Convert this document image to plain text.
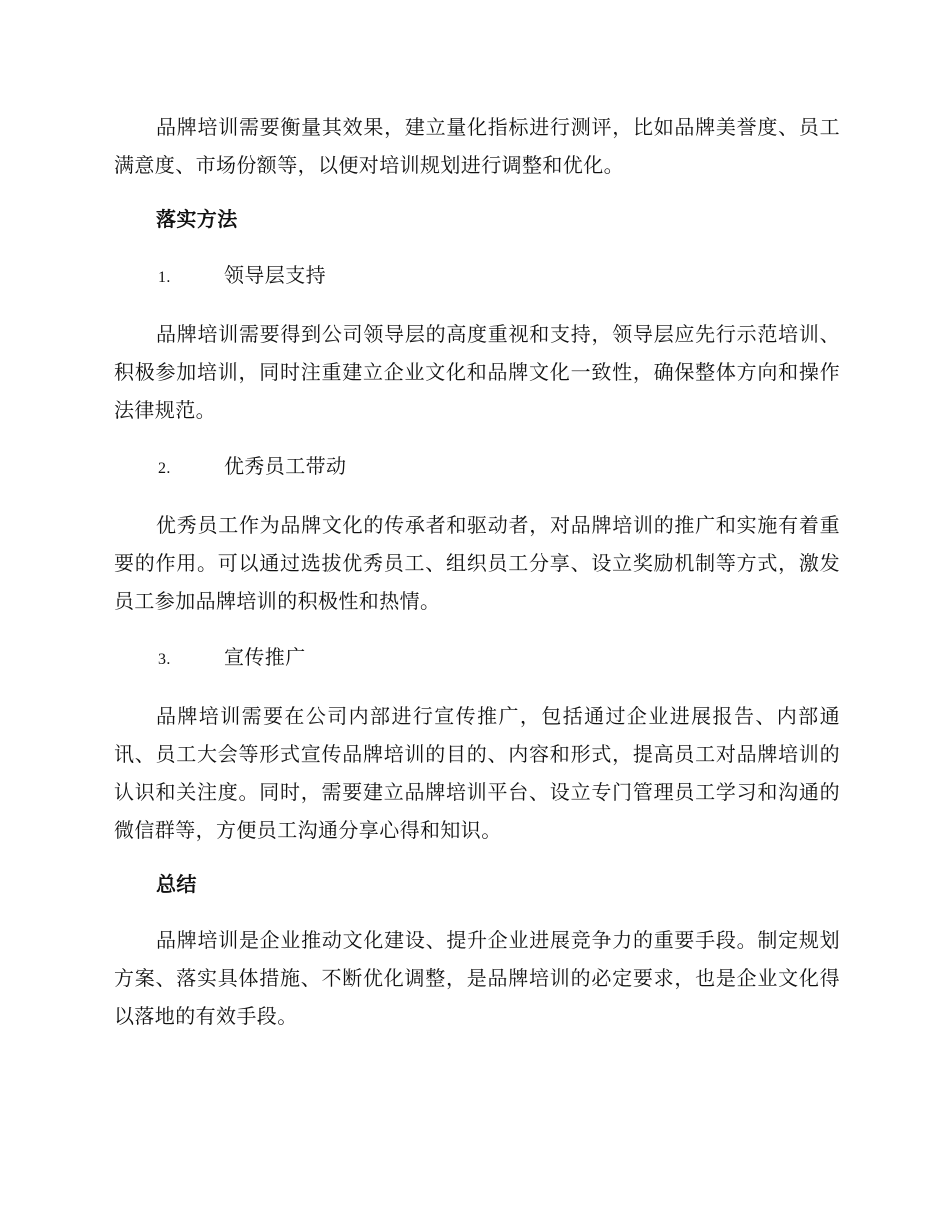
品牌培训需要衡量其效果，建立量化指标进行测评，比如品牌美誉度、员工满意度、市场份额等，以便对培训规划进行调整和优化。

落实方法
1.	领导层支持

品牌培训需要得到公司领导层的高度重视和支持，领导层应先行示范培训、积极参加培训，同时注重建立企业文化和品牌文化一致性，确保整体方向和操作法律规范。

2.	优秀员工带动

优秀员工作为品牌文化的传承者和驱动者，对品牌培训的推广和实施有着重要的作用。可以通过选拔优秀员工、组织员工分享、设立奖励机制等方式，激发员工参加品牌培训的积极性和热情。

3.	宣传推广

品牌培训需要在公司内部进行宣传推广，包括通过企业进展报告、内部通讯、员工大会等形式宣传品牌培训的目的、内容和形式，提高员工对品牌培训的认识和关注度。同时，需要建立品牌培训平台、设立专门管理员工学习和沟通的微信群等，方便员工沟通分享心得和知识。

总结

品牌培训是企业推动文化建设、提升企业进展竞争力的重要手段。制定规划方案、落实具体措施、不断优化调整，是品牌培训的必定要求，也是企业文化得以落地的有效手段。
